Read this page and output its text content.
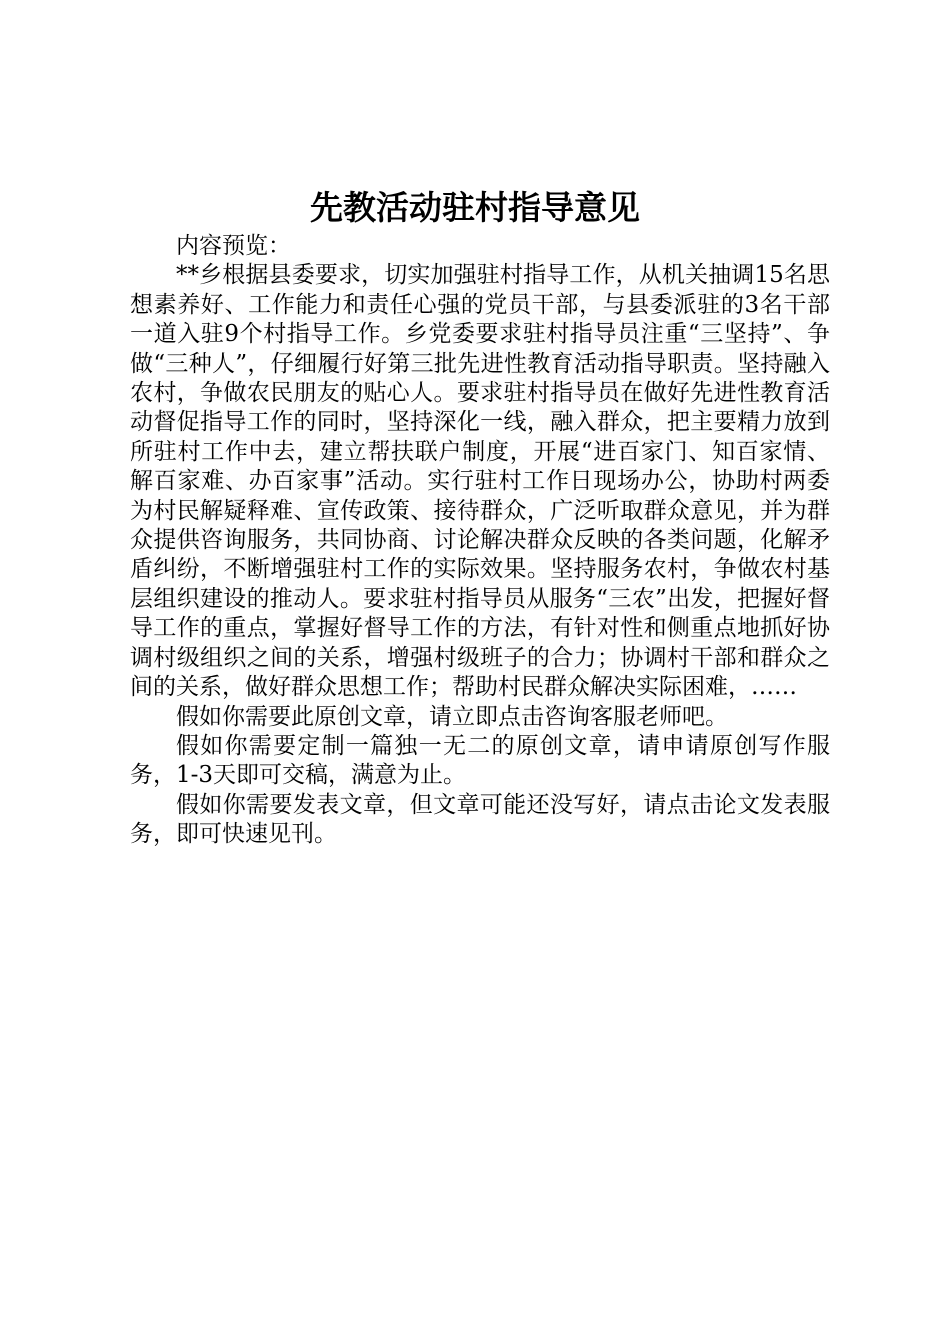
先教活动驻村指导意见

内容预览：

**乡根据县委要求，切实加强驻村指导工作，从机关抽调15名思想素养好、工作能力和责任心强的党员干部，与县委派驻的3名干部一道入驻9个村指导工作。乡党委要求驻村指导员注重“三坚持”、争做“三种人”，仔细履行好第三批先进性教育活动指导职责。坚持融入农村，争做农民朋友的贴心人。要求驻村指导员在做好先进性教育活动督促指导工作的同时，坚持深化一线，融入群众，把主要精力放到所驻村工作中去，建立帮扶联户制度，开展“进百家门、知百家情、解百家难、办百家事”活动。实行驻村工作日现场办公，协助村两委为村民解疑释难、宣传政策、接待群众，广泛听取群众意见，并为群众提供咨询服务，共同协商、讨论解决群众反映的各类问题，化解矛盾纠纷，不断增强驻村工作的实际效果。坚持服务农村，争做农村基层组织建设的推动人。要求驻村指导员从服务“三农”出发，把握好督导工作的重点，掌握好督导工作的方法，有针对性和侧重点地抓好协调村级组织之间的关系，增强村级班子的合力；协调村干部和群众之间的关系，做好群众思想工作；帮助村民群众解决实际困难，……

假如你需要此原创文章，请立即点击咨询客服老师吧。

假如你需要定制一篇独一无二的原创文章，请申请原创写作服务，1-3天即可交稿，满意为止。

假如你需要发表文章，但文章可能还没写好，请点击论文发表服务，即可快速见刊。
